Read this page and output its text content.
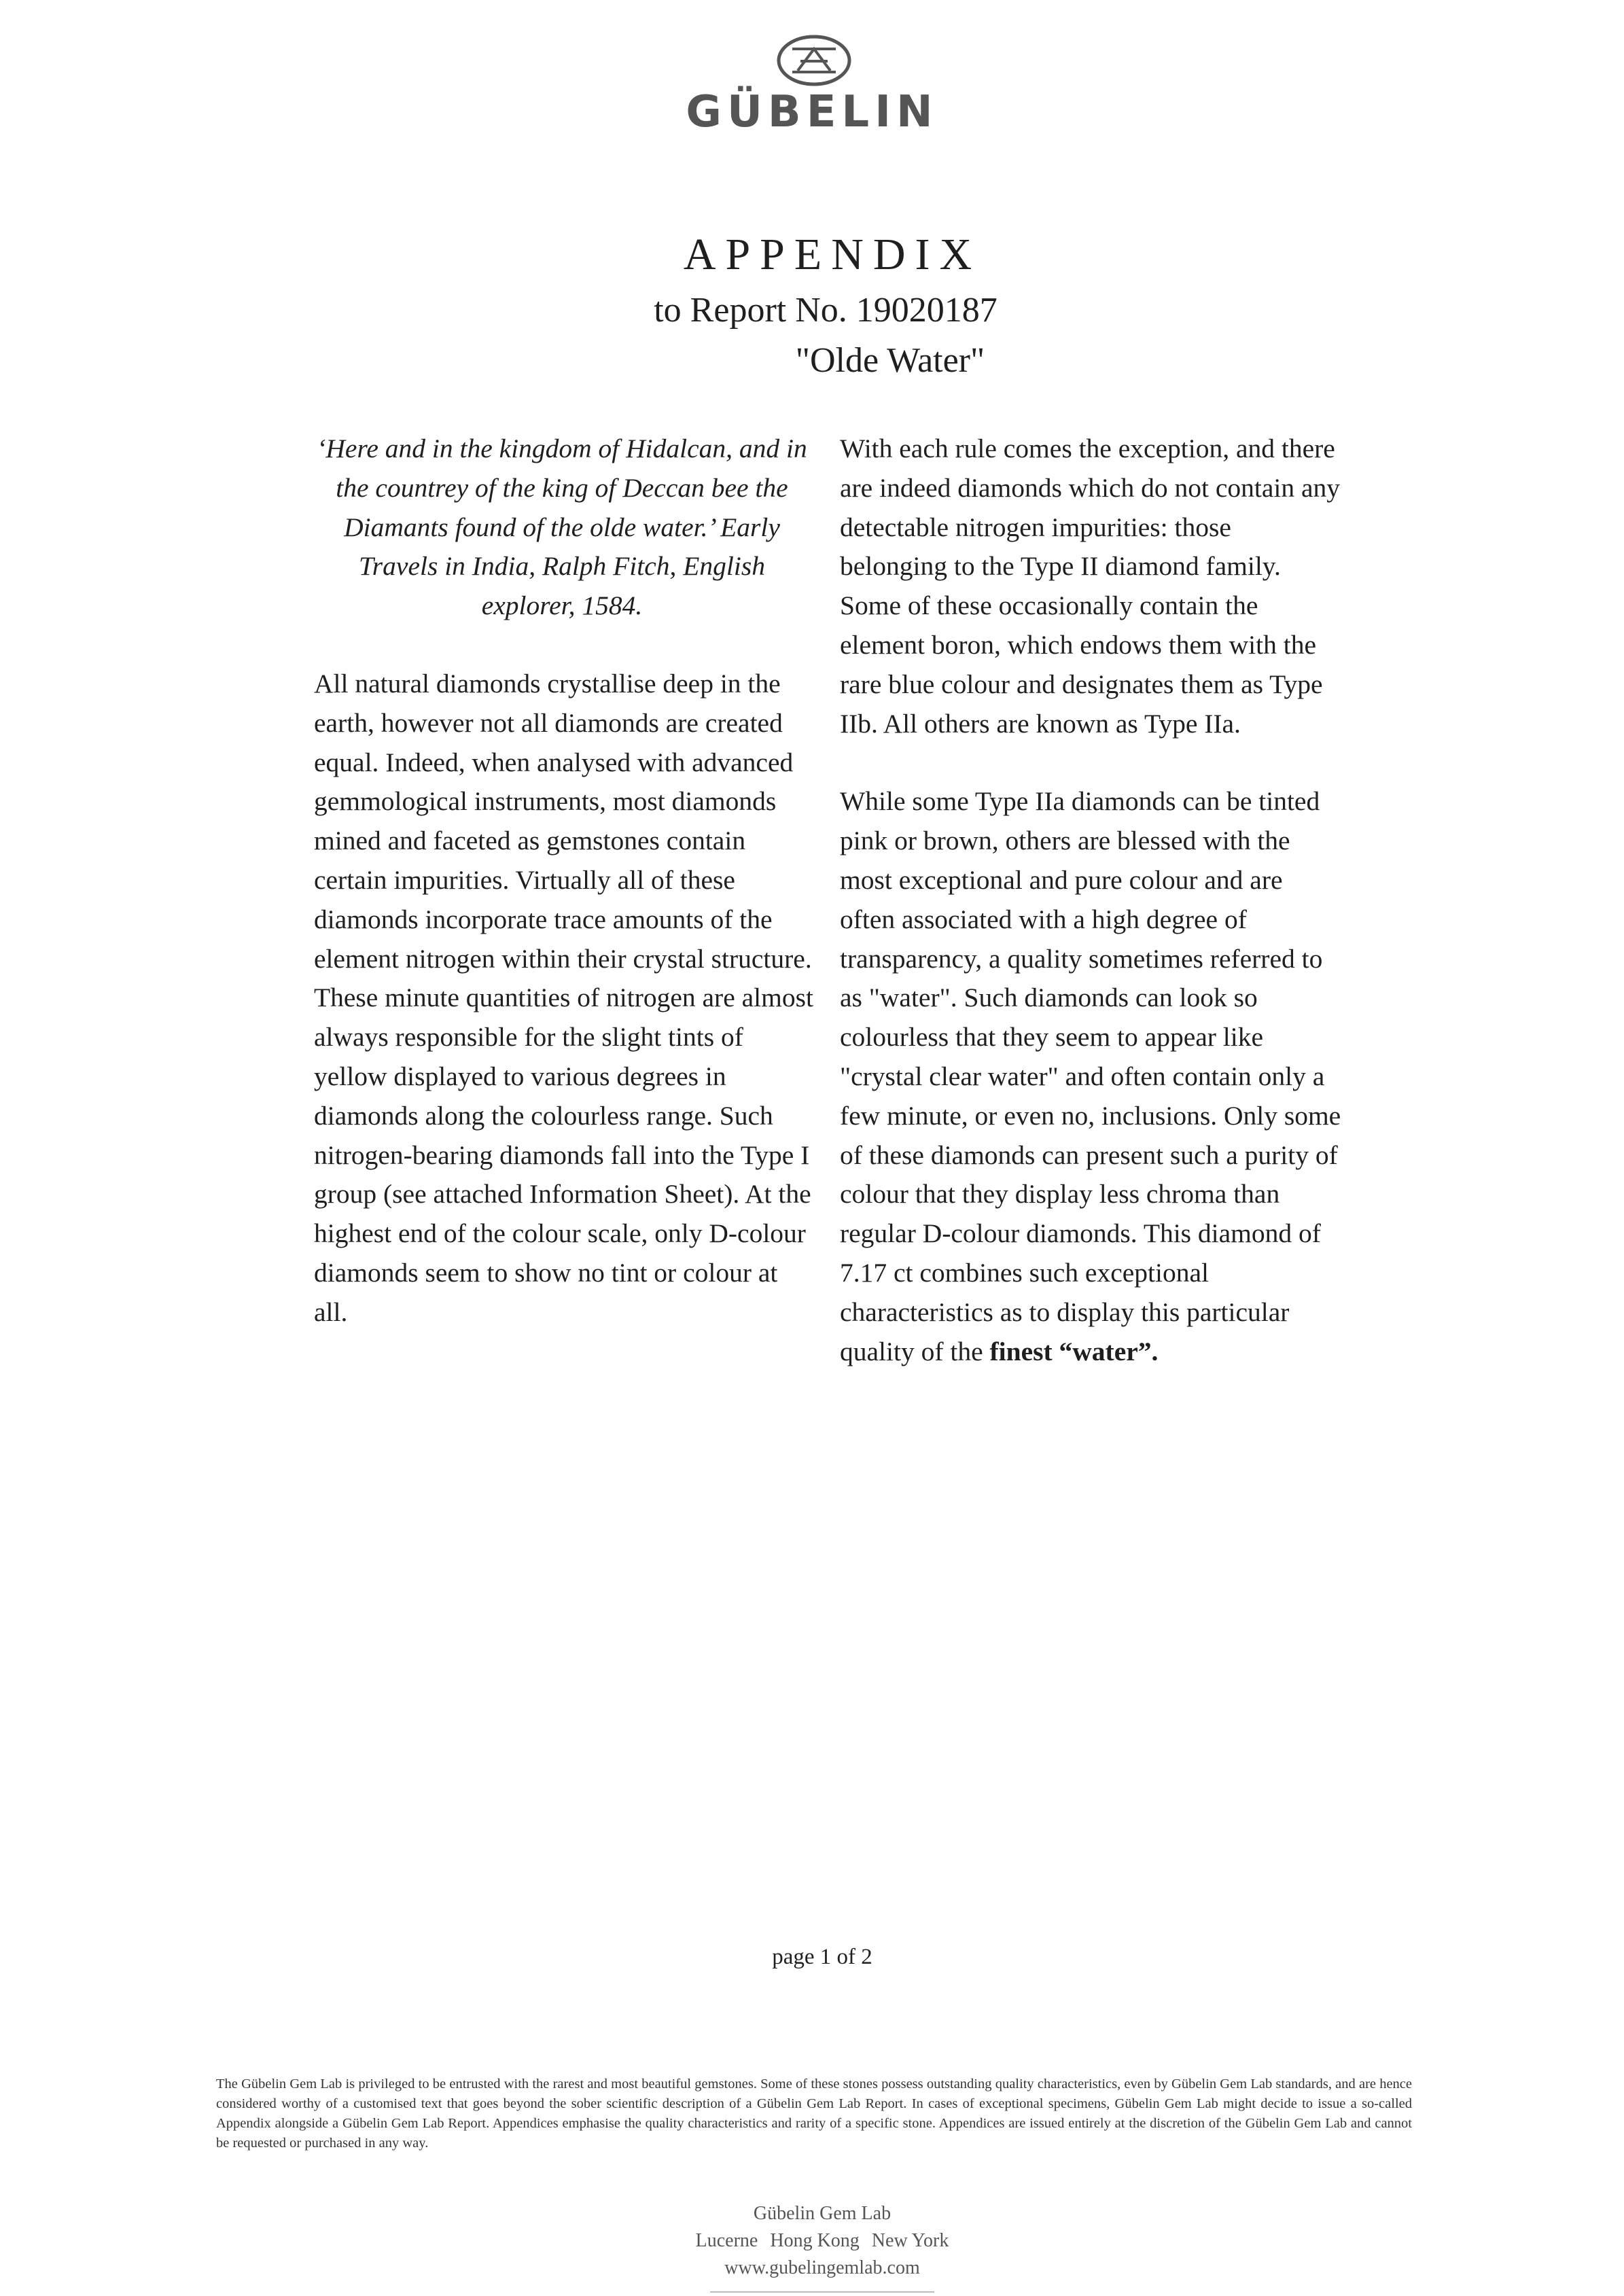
GÜBELIN
APPENDIX
to Report No. 19020187
"Olde Water"

‘Here and in the kingdom of Hidalcan, and in the countrey of the king of Deccan bee the Diamants found of the olde water.’ Early Travels in India, Ralph Fitch, English explorer, 1584.

All natural diamonds crystallise deep in the earth, however not all diamonds are created equal. Indeed, when analysed with advanced gemmological instruments, most diamonds mined and faceted as gemstones contain certain impurities. Virtually all of these diamonds incorporate trace amounts of the element nitrogen within their crystal structure. These minute quantities of nitrogen are almost always responsible for the slight tints of yellow displayed to various degrees in diamonds along the colourless range. Such nitrogen-bearing diamonds fall into the Type I group (see attached Information Sheet). At the highest end of the colour scale, only D-colour diamonds seem to show no tint or colour at all.

With each rule comes the exception, and there are indeed diamonds which do not contain any detectable nitrogen impurities: those belonging to the Type II diamond family. Some of these occasionally contain the element boron, which endows them with the rare blue colour and designates them as Type IIb. All others are known as Type IIa.

While some Type IIa diamonds can be tinted pink or brown, others are blessed with the most exceptional and pure colour and are often associated with a high degree of transparency, a quality sometimes referred to as "water". Such diamonds can look so colourless that they seem to appear like "crystal clear water" and often contain only a few minute, or even no, inclusions. Only some of these diamonds can present such a purity of colour that they display less chroma than regular D-colour diamonds. This diamond of 7.17 ct combines such exceptional characteristics as to display this particular quality of the finest “water”.

page 1 of 2
The Gübelin Gem Lab is privileged to be entrusted with the rarest and most beautiful gemstones. Some of these stones possess outstanding quality characteristics, even by Gübelin Gem Lab standards, and are hence considered worthy of a customised text that goes beyond the sober scientific description of a Gübelin Gem Lab Report. In cases of exceptional specimens, Gübelin Gem Lab might decide to issue a so-called Appendix alongside a Gübelin Gem Lab Report. Appendices emphasise the quality characteristics and rarity of a specific stone. Appendices are issued entirely at the discretion of the Gübelin Gem Lab and cannot be requested or purchased in any way.
Gübelin Gem Lab
Lucerne Hong Kong New York
www.gubelingemlab.com
